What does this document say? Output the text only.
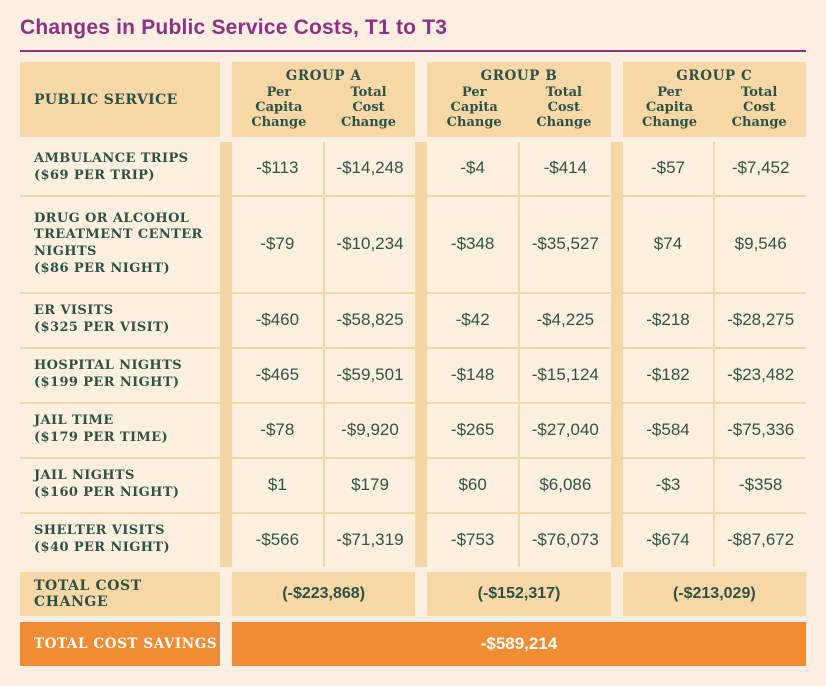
Changes in Public Service Costs, T1 to T3
PUBLIC SERVICE
GROUP A
Per Capita Change
Total Cost Change
GROUP B
Per Capita Change
Total Cost Change
GROUP C
Per Capita Change
Total Cost Change
AMBULANCE TRIPS
($69 PER TRIP)	-$113	-$14,248	-$4	-$414	-$57	-$7,452
DRUG OR ALCOHOL TREATMENT CENTER NIGHTS
($86 PER NIGHT)
-$79	-$10,234	-$348	-$35,527	$74	$9,546
ER VISITS
($325 PER VISIT)	-$460	-$58,825	-$42	-$4,225	-$218	-$28,275
HOSPITAL NIGHTS
($199 PER NIGHT)	-$465	-$59,501	-$148	-$15,124	-$182	-$23,482
JAIL TIME
($179 PER TIME)	-$78	-$9,920	-$265	-$27,040	-$584	-$75,336
JAIL NIGHTS
($160 PER NIGHT)	$1	$179	$60	$6,086	-$3	-$358
SHELTER VISITS
($40 PER NIGHT)	-$566	-$71,319	-$753	-$76,073	-$674	-$87,672
TOTAL COST CHANGE	(-$223,868)	(-$152,317)	(-$213,029)
TOTAL COST SAVINGS	-$589,214
